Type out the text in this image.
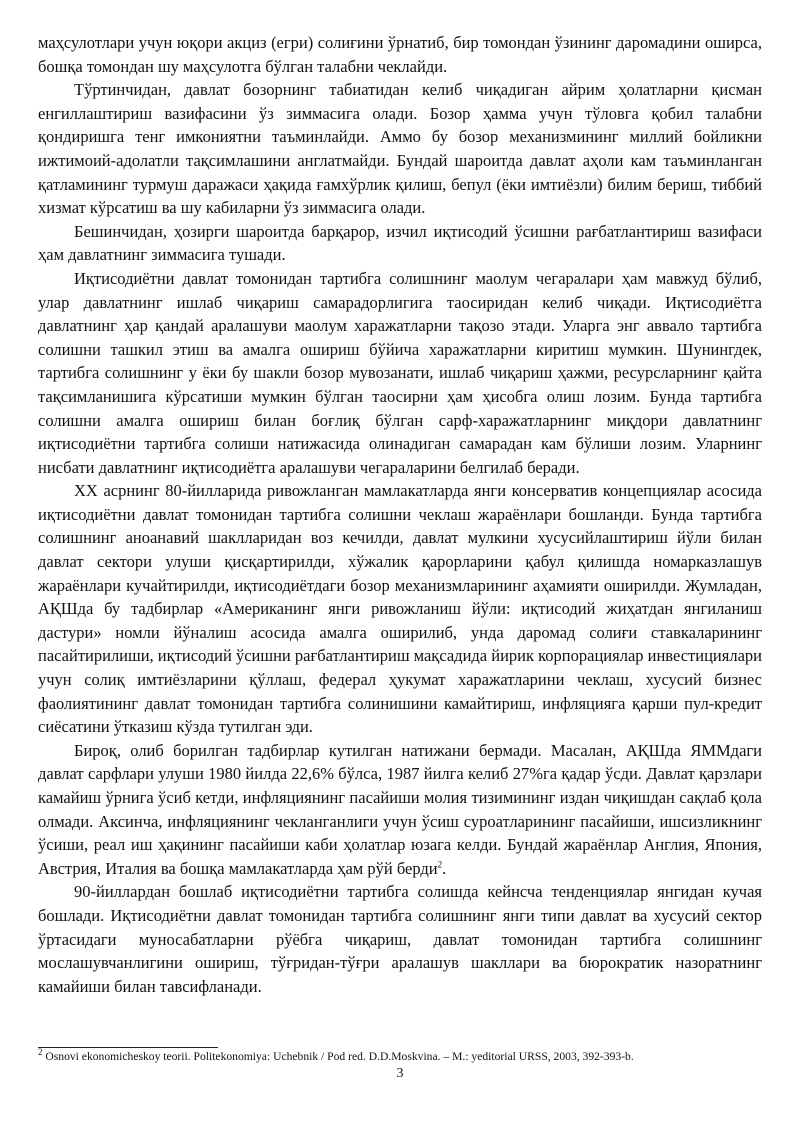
маҳсулотлари учун юқори акциз (егри) солиғини ўрнатиб, бир томондан ўзининг даромадини оширса, бошқа томондан шу маҳсулотга бўлган талабни чеклайди.

Тўртинчидан, давлат бозорнинг табиатидан келиб чиқадиган айрим ҳолатларни қисман енгиллаштириш вазифасини ўз зиммасига олади. Бозор ҳамма учун тўловга қобил талабни қондиришга тенг имкониятни таъминлайди. Аммо бу бозор механизмининг миллий бойликни ижтимоий-адолатли тақсимлашини англатмайди. Бундай шароитда давлат аҳоли кам таъминланган қатламининг турмуш даражаси ҳақида ғамхўрлик қилиш, бепул (ёки имтиёзли) билим бериш, тиббий хизмат кўрсатиш ва шу кабиларни ўз зиммасига олади.

Бешинчидан, ҳозирги шароитда барқарор, изчил иқтисодий ўсишни рағбатлантириш вазифаси ҳам давлатнинг зиммасига тушади.

Иқтисодиётни давлат томонидан тартибга солишнинг маолум чегаралари ҳам мавжуд бўлиб, улар давлатнинг ишлаб чиқариш самарадорлигига таосиридан келиб чиқади. Иқтисодиётга давлатнинг ҳар қандай аралашуви маолум харажатларни тақозо этади. Уларга энг аввало тартибга солишни ташкил этиш ва амалга ошириш бўйича харажатларни киритиш мумкин. Шунингдек, тартибга солишнинг у ёки бу шакли бозор мувозанати, ишлаб чиқариш ҳажми, ресурсларнинг қайта тақсимланишига кўрсатиши мумкин бўлган таосирни ҳам ҳисобга олиш лозим. Бунда тартибга солишни амалга ошириш билан боғлиқ бўлган сарф-харажатларнинг миқдори давлатнинг иқтисодиётни тартибга солиши натижасида олинадиган самарадан кам бўлиши лозим. Уларнинг нисбати давлатнинг иқтисодиётга аралашуви чегараларини белгилаб беради.

XX асрнинг 80-йилларида ривожланган мамлакатларда янги консерватив концепциялар асосида иқтисодиётни давлат томонидан тартибга солишни чеклаш жараёнлари бошланди. Бунда тартибга солишнинг аноанавий шаклларидан воз кечилди, давлат мулкини хусусийлаштириш йўли билан давлат сектори улуши қисқартирилди, хўжалик қарорларини қабул қилишда номарказлашув жараёнлари кучайтирилди, иқтисодиётдаги бозор механизмларининг аҳамияти оширилди. Жумладан, АҚШда бу тадбирлар «Американинг янги ривожланиш йўли: иқтисодий жиҳатдан янгиланиш дастури» номли йўналиш асосида амалга оширилиб, унда даромад солиғи ставкаларининг пасайтирилиши, иқтисодий ўсишни рағбатлантириш мақсадида йирик корпорациялар инвестициялари учун солиқ имтиёзларини қўллаш, федерал ҳукумат харажатларини чеклаш, хусусий бизнес фаолиятининг давлат томонидан тартибга солинишини камайтириш, инфляцияга қарши пул-кредит сиёсатини ўтказиш кўзда тутилган эди.

Бироқ, олиб борилган тадбирлар кутилган натижани бермади. Масалан, АҚШда ЯММдаги давлат сарфлари улуши 1980 йилда 22,6% бўлса, 1987 йилга келиб 27%га қадар ўсди. Давлат қарзлари камайиш ўрнига ўсиб кетди, инфляциянинг пасайиши молия тизимининг издан чиқишдан сақлаб қола олмади. Аксинча, инфляциянинг чекланганлиги учун ўсиш суроатларининг пасайиши, ишсизликнинг ўсиши, реал иш ҳақининг пасайиши каби ҳолатлар юзага келди. Бундай жараёнлар Англия, Япония, Австрия, Италия ва бошқа мамлакатларда ҳам рўй берди$^2$.

90-йиллардан бошлаб иқтисодиётни тартибга солишда кейнсча тенденциялар янгидан кучая бошлади. Иқтисодиётни давлат томонидан тартибга солишнинг янги типи давлат ва хусусий сектор ўртасидаги муносабатларни рўёбга чиқариш, давлат томонидан тартибга солишнинг мослашувчанлигини ошириш, тўғридан-тўғри аралашув шакллари ва бюрократик назоратнинг камайиши билан тавсифланади.

$^2$ Osnovi ekonomicheskoy teorii. Politekonomiya: Uchebnik / Pod red. D.D.Moskvina. – M.: yeditorial URSS, 2003, 392-393-b.
3
